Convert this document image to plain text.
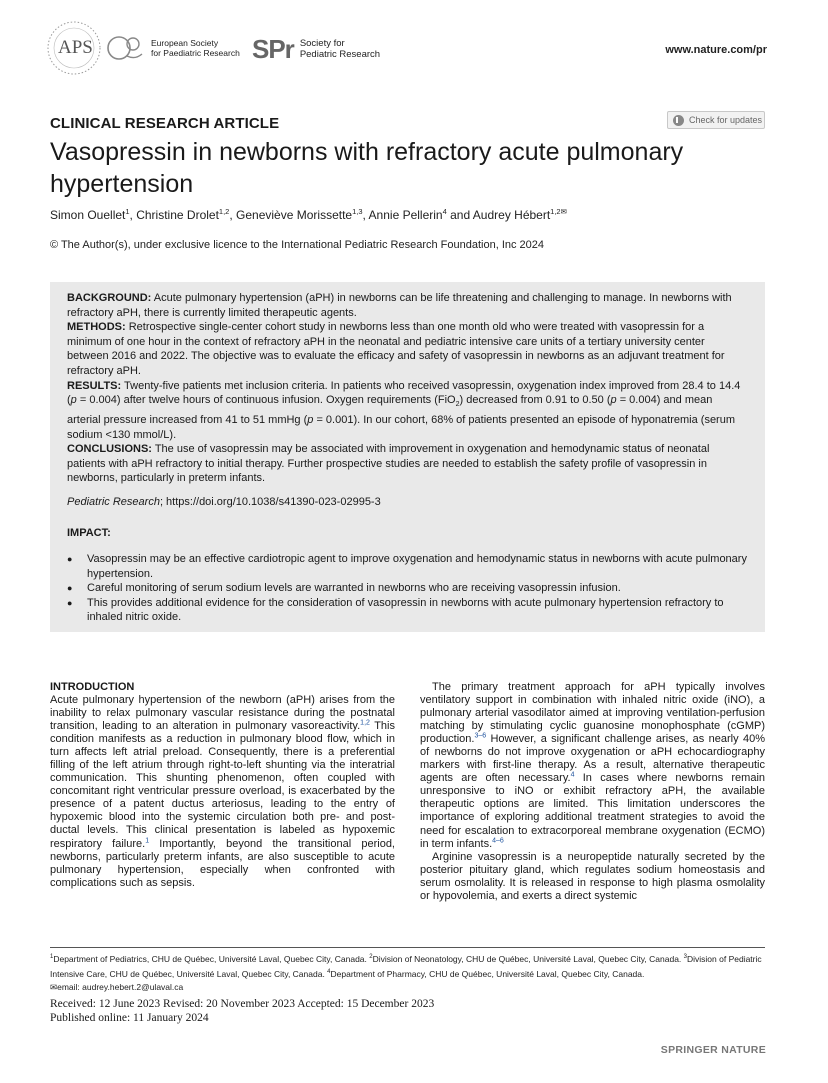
APS	European Society
for Paediatric Research SPr Society for
Pediatric Research	www.nature.com/pr
CLINICAL RESEARCH ARTICLE	Check for updates
Vasopressin in newborns with refractory acute pulmonary hypertension
Simon Ouellet$^1$, Christine Drolet$^{1,2}$, Geneviève Morissette$^{1,3}$, Annie Pellerin$^4$ and Audrey Hébert$^{1,2✉}$
© The Author(s), under exclusive licence to the International Pediatric Research Foundation, Inc 2024

BACKGROUND: Acute pulmonary hypertension (aPH) in newborns can be life threatening and challenging to manage. In newborns with refractory aPH, there is currently limited therapeutic agents.

METHODS: Retrospective single-center cohort study in newborns less than one month old who were treated with vasopressin for a minimum of one hour in the context of refractory aPH in the neonatal and pediatric intensive care units of a tertiary university center between 2016 and 2022. The objective was to evaluate the efficacy and safety of vasopressin in newborns as an adjuvant treatment for refractory aPH.

RESULTS: Twenty-five patients met inclusion criteria. In patients who received vasopressin, oxygenation index improved from 28.4 to 14.4 (p = 0.004) after twelve hours of continuous infusion. Oxygen requirements (FiO$_2$) decreased from 0.91 to 0.50 (p = 0.004) and mean arterial pressure increased from 41 to 51 mmHg (p = 0.001). In our cohort, 68% of patients presented an episode of hyponatremia (serum sodium <130 mmol/L).

CONCLUSIONS: The use of vasopressin may be associated with improvement in oxygenation and hemodynamic status of neonatal patients with aPH refractory to initial therapy. Further prospective studies are needed to establish the safety profile of vasopressin in newborns, particularly in preterm infants.

Pediatric Research; https://doi.org/10.1038/s41390-023-02995-3

IMPACT:

● Vasopressin may be an effective cardiotropic agent to improve oxygenation and hemodynamic status in newborns with acute pulmonary hypertension.
● Careful monitoring of serum sodium levels are warranted in newborns who are receiving vasopressin infusion.
● This provides additional evidence for the consideration of vasopressin in newborns with acute pulmonary hypertension refractory to inhaled nitric oxide.
INTRODUCTION

Acute pulmonary hypertension of the newborn (aPH) arises from the inability to relax pulmonary vascular resistance during the postnatal transition, leading to an alteration in pulmonary vasoreactivity.$^{1,2}$ This condition manifests as a reduction in pulmonary blood flow, which in turn affects left atrial preload. Consequently, there is a preferential filling of the left atrium through right-to-left shunting via the interatrial communication. This shunting phenomenon, often coupled with concomitant right ventricular pressure overload, is exacerbated by the presence of a patent ductus arteriosus, leading to the entry of hypoxemic blood into the systemic circulation both pre- and post-ductal levels. This clinical presentation is labeled as hypoxemic respiratory failure.$^1$ Importantly, beyond the transitional period, newborns, particularly preterm infants, are also susceptible to acute pulmonary hypertension, especially when confronted with complications such as sepsis.

The primary treatment approach for aPH typically involves ventilatory support in combination with inhaled nitric oxide (iNO), a pulmonary arterial vasodilator aimed at improving ventilation-perfusion matching by stimulating cyclic guanosine monophosphate (cGMP) production.$^{3-6}$ However, a significant challenge arises, as nearly 40% of newborns do not improve oxygenation or aPH echocardiography markers with first-line therapy. As a result, alternative therapeutic agents are often necessary.$^4$ In cases where newborns remain unresponsive to iNO or exhibit refractory aPH, the available therapeutic options are limited. This limitation underscores the importance of exploring additional treatment strategies to avoid the need for escalation to extracorporeal membrane oxygenation (ECMO) in term infants.$^{4-6}$

Arginine vasopressin is a neuropeptide naturally secreted by the posterior pituitary gland, which regulates sodium homeostasis and serum osmolality. It is released in response to high plasma osmolality or hypovolemia, and exerts a direct systemic

$^1$Department of Pediatrics, CHU de Québec, Université Laval, Quebec City, Canada. $^2$Division of Neonatology, CHU de Québec, Université Laval, Quebec City, Canada. $^3$Division of Pediatric Intensive Care, CHU de Québec, Université Laval, Quebec City, Canada. $^4$Department of Pharmacy, CHU de Québec, Université Laval, Quebec City, Canada.
✉email: audrey.hebert.2@ulaval.ca
Received: 12 June 2023 Revised: 20 November 2023 Accepted: 15 December 2023
Published online: 11 January 2024
SPRINGER NATURE
